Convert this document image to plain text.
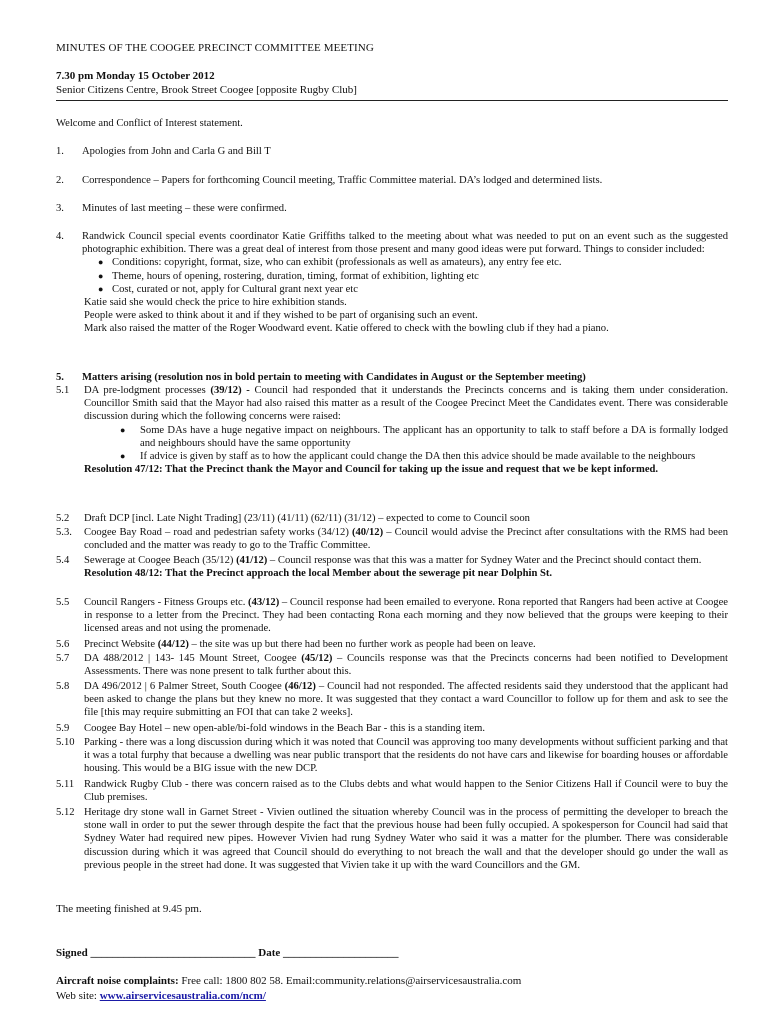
MINUTES OF THE COOGEE PRECINCT COMMITTEE MEETING
7.30 pm Monday 15 October 2012
Senior Citizens Centre, Brook Street Coogee [opposite Rugby Club]
Welcome and Conflict of Interest statement.
1. Apologies from John and Carla G and Bill T
2. Correspondence – Papers for forthcoming Council meeting, Traffic Committee material. DA’s lodged and determined lists.
3. Minutes of last meeting – these were confirmed.
4. Randwick Council special events coordinator Katie Griffiths talked to the meeting about what was needed to put on an event such as the suggested photographic exhibition. There was a great deal of interest from those present and many good ideas were put forward. Things to consider included:
● Conditions: copyright, format, size, who can exhibit (professionals as well as amateurs), any entry fee etc.
● Theme, hours of opening, rostering, duration, timing, format of exhibition, lighting etc
● Cost, curated or not, apply for Cultural grant next year etc
Katie said she would check the price to hire exhibition stands.
People were asked to think about it and if they wished to be part of organising such an event.
Mark also raised the matter of the Roger Woodward event. Katie offered to check with the bowling club if they had a piano.
5. Matters arising (resolution nos in bold pertain to meeting with Candidates in August or the September meeting)
5.1 DA pre-lodgment processes (39/12) - Council had responded that it understands the Precincts concerns and is taking them under consideration. Councillor Smith said that the Mayor had also raised this matter as a result of the Coogee Precinct Meet the Candidates event. There was considerable discussion during which the following concerns were raised:
● Some DAs have a huge negative impact on neighbours. The applicant has an opportunity to talk to staff before a DA is formally lodged and neighbours should have the same opportunity
● If advice is given by staff as to how the applicant could change the DA then this advice should be made available to the neighbours
Resolution 47/12: That the Precinct thank the Mayor and Council for taking up the issue and request that we be kept informed.
5.2 Draft DCP [incl. Late Night Trading] (23/11) (41/11) (62/11) (31/12) – expected to come to Council soon
5.3. Coogee Bay Road – road and pedestrian safety works (34/12) (40/12) – Council would advise the Precinct after consultations with the RMS had been concluded and the matter was ready to go to the Traffic Committee.
5.4 Sewerage at Coogee Beach (35/12) (41/12) – Council response was that this was a matter for Sydney Water and the Precinct should contact them.
Resolution 48/12: That the Precinct approach the local Member about the sewerage pit near Dolphin St.
5.5 Council Rangers - Fitness Groups etc. (43/12) – Council response had been emailed to everyone. Rona reported that Rangers had been active at Coogee in response to a letter from the Precinct. They had been contacting Rona each morning and they now believed that the groups were keeping to their licensed areas and not using the promenade.
5.6 Precinct Website (44/12) – the site was up but there had been no further work as people had been on leave.
5.7 DA 488/2012 | 143- 145 Mount Street, Coogee (45/12) – Councils response was that the Precincts concerns had been notified to Development Assessments. There was none present to talk further about this.
5.8 DA 496/2012 | 6 Palmer Street, South Coogee (46/12) – Council had not responded. The affected residents said they understood that the applicant had been asked to change the plans but they knew no more. It was suggested that they contact a ward Councillor to follow up for them and ask to see the file [this may require submitting an FOI that can take 2 weeks].
5.9 Coogee Bay Hotel – new open-able/bi-fold windows in the Beach Bar - this is a standing item.
5.10 Parking - there was a long discussion during which it was noted that Council was approving too many developments without sufficient parking and that it was a total furphy that because a dwelling was near public transport that the residents do not have cars and likewise for boarding houses or affordable housing. This would be a BIG issue with the new DCP.
5.11 Randwick Rugby Club - there was concern raised as to the Clubs debts and what would happen to the Senior Citizens Hall if Council were to buy the Club premises.
5.12 Heritage dry stone wall in Garnet Street - Vivien outlined the situation whereby Council was in the process of permitting the developer to breach the stone wall in order to put the sewer through despite the fact that the previous house had been fully occupied. A spokesperson for Council had said that Sydney Water had required new pipes. However Vivien had rung Sydney Water who said it was a matter for the plumber. There was considerable discussion during which it was agreed that Council should do everything to not breach the wall and that the developer should go under the wall as previous people in the street had done. It was suggested that Vivien take it up with the ward Councillors and the GM.
The meeting finished at 9.45 pm.
Signed ______________________________ Date _____________________
Aircraft noise complaints: Free call: 1800 802 58. Email:community.relations@airservicesaustralia.com
Web site: www.airservicesaustralia.com/ncm/
